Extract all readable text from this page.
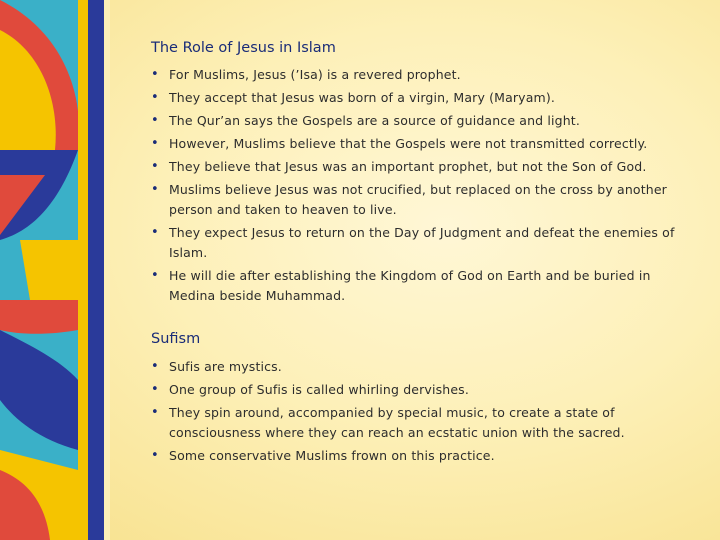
The Role of Jesus in Islam
• For Muslims, Jesus (’Isa) is a revered prophet.
• They accept that Jesus was born of a virgin, Mary (Maryam).
• The Qur’an says the Gospels are a source of guidance and light.
• However, Muslims believe that the Gospels were not transmitted correctly.
• They believe that Jesus was an important prophet, but not the Son of God.
• Muslims believe Jesus was not crucified, but replaced on the cross by another person and taken to heaven to live.
• They expect Jesus to return on the Day of Judgment and defeat the enemies of Islam.
• He will die after establishing the Kingdom of God on Earth and be buried in Medina beside Muhammad.
Sufism
• Sufis are mystics.
• One group of Sufis is called whirling dervishes.
• They spin around, accompanied by special music, to create a state of consciousness where they can reach an ecstatic union with the sacred.
• Some conservative Muslims frown on this practice.
